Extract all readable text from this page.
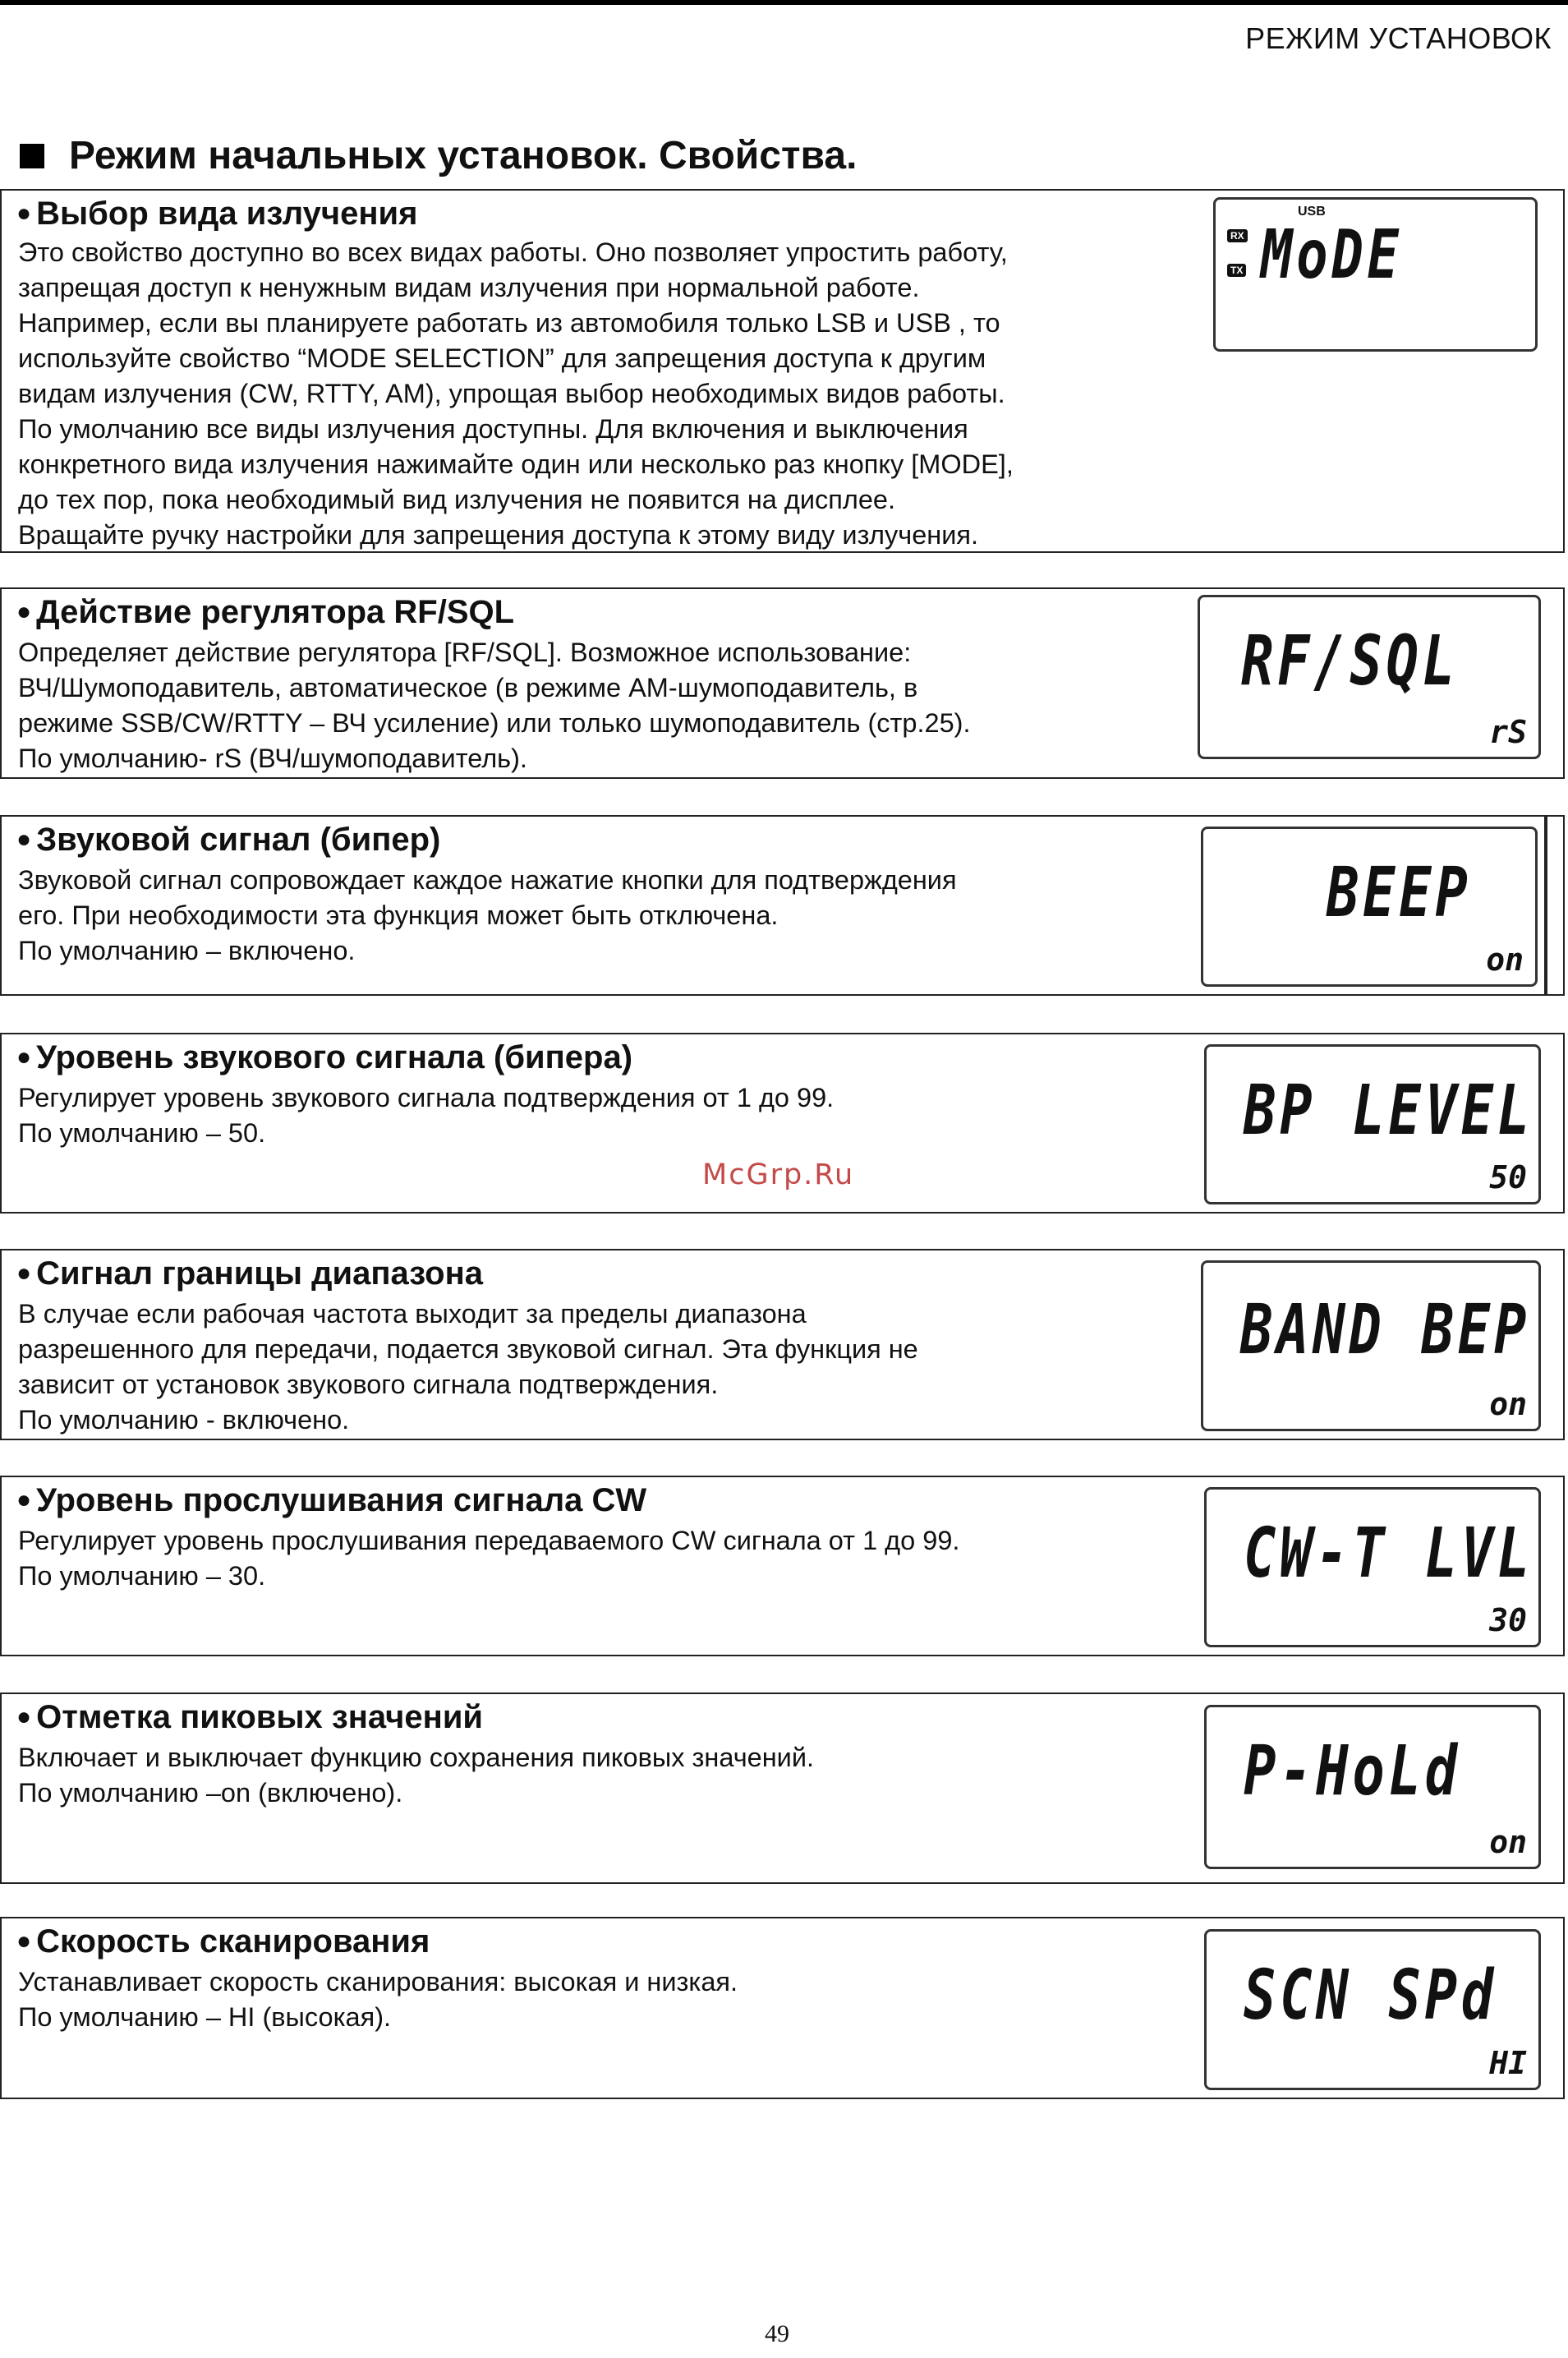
РЕЖИМ УСТАНОВОК
Режим начальных установок. Свойства.
● Выбор вида излучения
Это свойство доступно во всех видах работы. Оно позволяет упростить работу,
запрещая доступ к ненужным видам излучения при нормальной работе.
Например, если вы планируете работать из автомобиля только LSB и USB , то
используйте свойство “MODE SELECTION” для запрещения доступа к другим
видам излучения (CW, RTTY, AM), упрощая выбор необходимых видов работы.
По умолчанию все виды излучения доступны. Для включения и выключения
конкретного вида излучения нажимайте один или несколько раз кнопку [MODE],
до тех пор, пока необходимый вид излучения не появится на дисплее.
Вращайте ручку настройки для запрещения доступа к этому виду излучения.
USB
RX
TX MoDE
● Действие регулятора RF/SQL
Определяет действие регулятора [RF/SQL]. Возможное использование:
ВЧ/Шумоподавитель, автоматическое (в режиме АМ-шумоподавитель, в
режиме SSB/CW/RTTY – ВЧ усиление) или только шумоподавитель (стр.25).
По умолчанию- rS (ВЧ/шумоподавитель).
RF/SQL
rS
● Звуковой сигнал (бипер)
Звуковой сигнал сопровождает каждое нажатие кнопки для подтверждения
его. При необходимости эта функция может быть отключена.
По умолчанию – включено.
BEEP
on
● Уровень звукового сигнала (бипера)
Регулирует уровень звукового сигнала подтверждения от 1 до 99.
По умолчанию – 50.	BP LEVEL
50
McGrp.Ru
● Сигнал границы диапазона
В случае если рабочая частота выходит за пределы диапазона
разрешенного для передачи, подается звуковой сигнал. Эта функция не
зависит от установок звукового сигнала подтверждения.
По умолчанию - включено.
BAND BEP
on
● Уровень прослушивания сигнала CW
Регулирует уровень прослушивания передаваемого CW сигнала от 1 до 99.
По умолчанию – 30.	CW-T LVL
30
● Отметка пиковых значений
Включает и выключает функцию сохранения пиковых значений.
По умолчанию –on (включено).	P-HoLd
on
● Скорость сканирования
Устанавливает скорость сканирования: высокая и низкая.
По умолчанию – HI (высокая).	SCN SPd
HI
49
